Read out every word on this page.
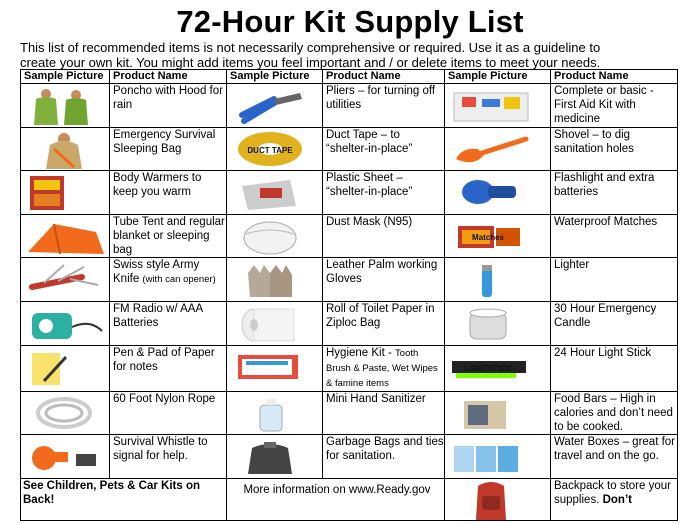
72-Hour Kit Supply List
This list of recommended items is not necessarily comprehensive or required. Use it as a guideline to
create your own kit. You might add items you feel important and / or delete items to meet your needs.
Sample Picture	Product Name	Sample Picture	Product Name	Sample Picture	Product Name

	Poncho with Hood for rain		Pliers – for turning off utilities		Complete or basic - First Aid Kit with medicine

	Emergency Survival Sleeping Bag	DUCT TAPE	Duct Tape – to “shelter-in-place”		Shovel – to dig sanitation holes

	Body Warmers to keep you warm		Plastic Sheet – “shelter-in-place”		Flashlight and extra batteries

	Tube Tent and regular blanket or sleeping bag		Dust Mask (N95)	Matches	Waterproof Matches

	Swiss style Army Knife (with can opener)		Leather Palm working Gloves		Lighter

	FM Radio w/ AAA Batteries		Roll of Toilet Paper in Ziploc Bag		30 Hour Emergency Candle

	Pen & Pad of Paper for notes		Hygiene Kit - Tooth Brush & Paste, Wet Wipes & famine items	LIGHTSTICK	24 Hour Light Stick

	60 Foot Nylon Rope		Mini Hand Sanitizer		Food Bars – High in calories and don’t need to be cooked.

	Survival Whistle to signal for help.		Garbage Bags and ties for sanitation.		Water Boxes – great for travel and on the go.
See Children, Pets & Car Kits on Back!		More information on www.Ready.gov			Backpack to store your supplies. Don’t
